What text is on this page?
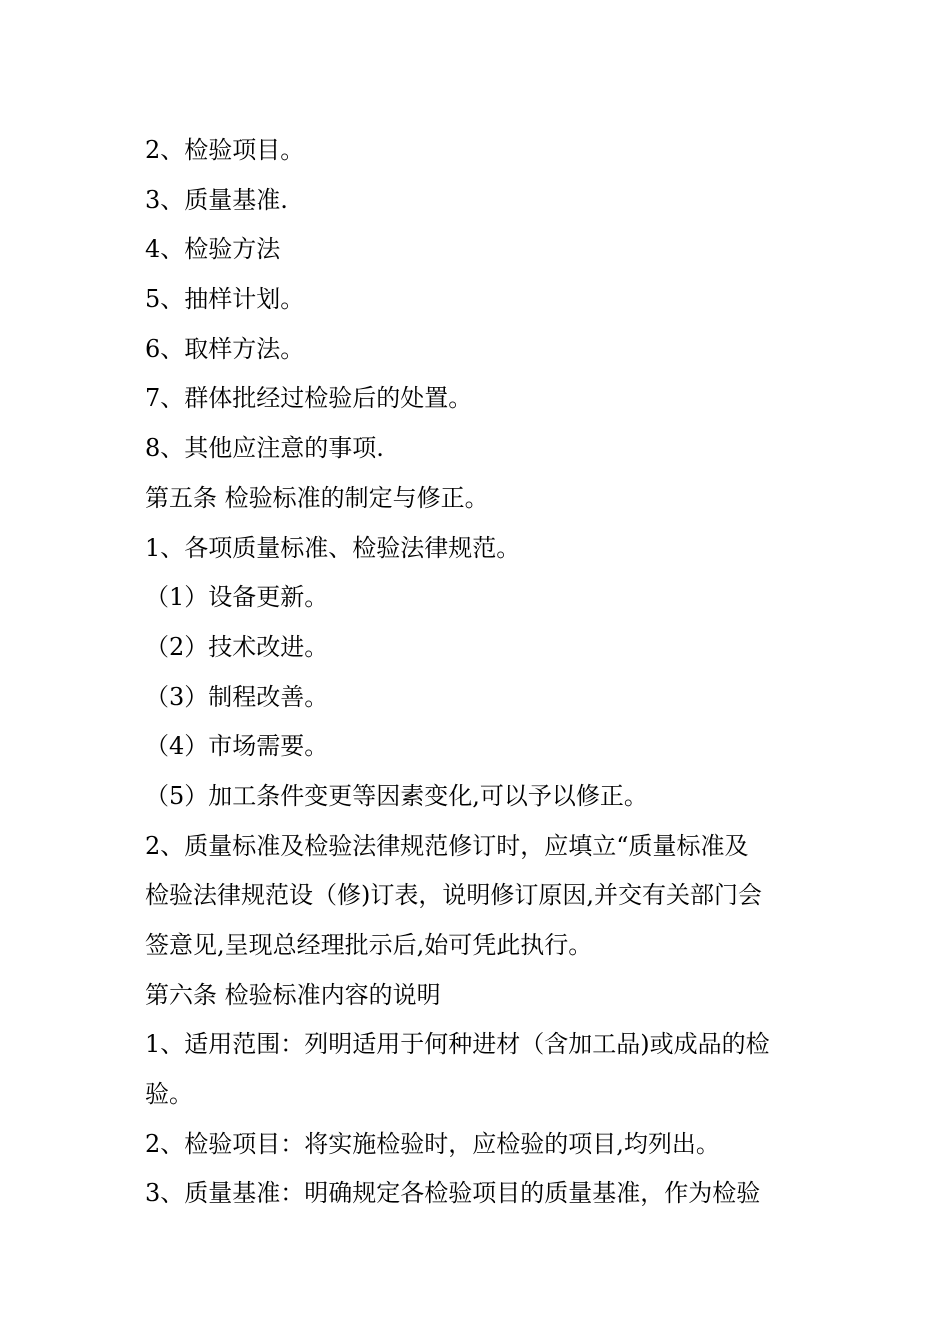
2、检验项目。
3、质量基准.
4、检验方法
5、抽样计划。
6、取样方法。
7、群体批经过检验后的处置。
8、其他应注意的事项.
第五条 检验标准的制定与修正。
1、各项质量标准、检验法律规范。
（1）设备更新。
（2）技术改进。
（3）制程改善。
（4）市场需要。
（5）加工条件变更等因素变化,可以予以修正。
2、质量标准及检验法律规范修订时，应填立“质量标准及
检验法律规范设（修)订表，说明修订原因,并交有关部门会
签意见,呈现总经理批示后,始可凭此执行。
第六条 检验标准内容的说明
1、适用范围：列明适用于何种进材（含加工品)或成品的检
验。
2、检验项目：将实施检验时，应检验的项目,均列出。
3、质量基准：明确规定各检验项目的质量基准，作为检验
